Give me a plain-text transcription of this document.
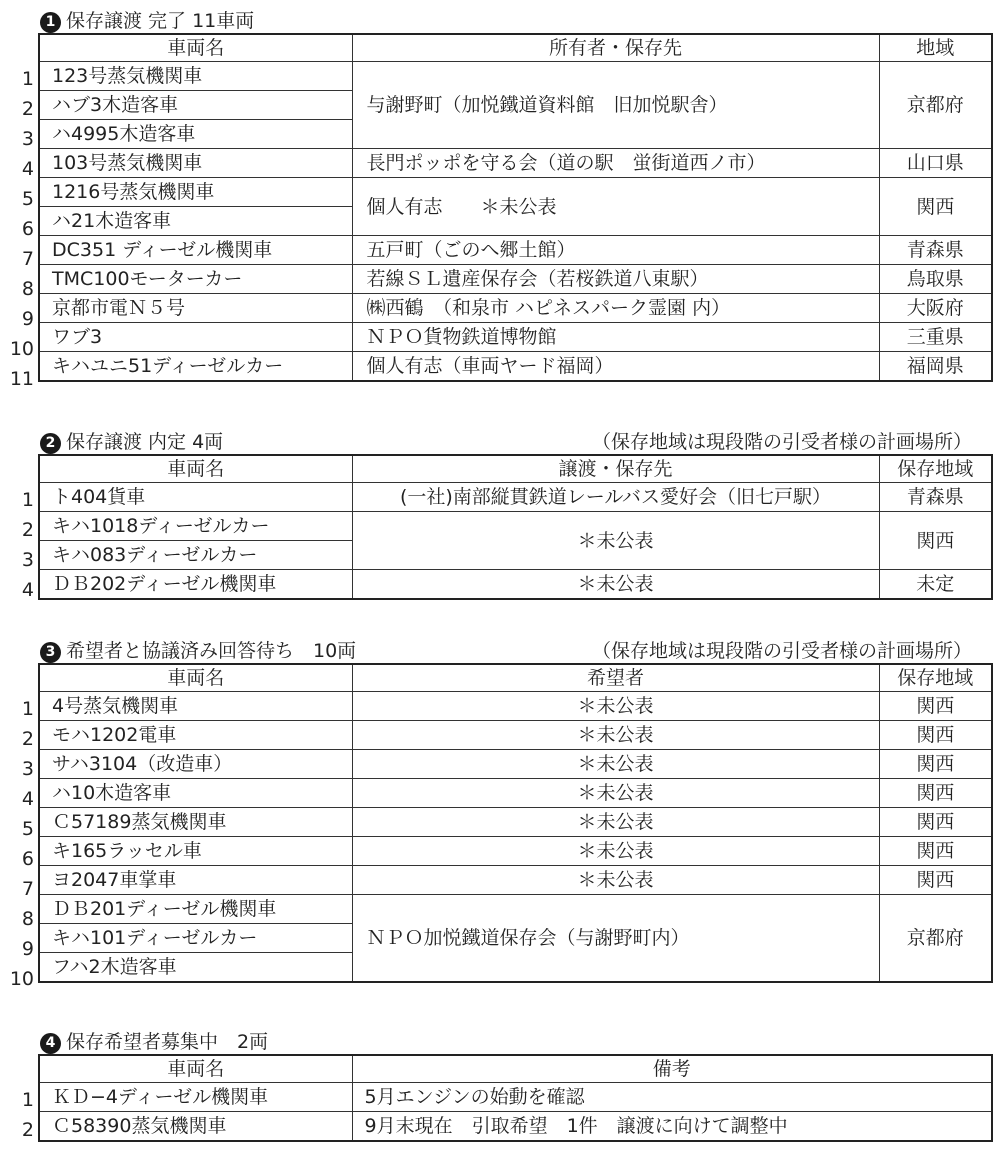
1 保存譲渡 完了 11車両
1
2
3
4
5
6
7
8
9
10
11
車両名	所有者・保存先	地域
123号蒸気機関車	与謝野町（加悦鐵道資料館　旧加悦駅舎）	京都府
ハブ3木造客車		
ハ4995木造客車		
103号蒸気機関車	長門ポッポを守る会（道の駅　蛍街道西ノ市）	山口県
1216号蒸気機関車	個人有志　　＊未公表	関西
ハ21木造客車		
DC351 ディーゼル機関車	五戸町（ごのへ郷土館）	青森県
TMC100モーターカー	若線ＳＬ遺産保存会（若桜鉄道八東駅）	鳥取県
京都市電Ｎ５号	㈱西鶴　（和泉市 ハピネスパーク霊園 内）	大阪府
ワブ3	ＮＰＯ貨物鉄道博物館	三重県
キハユニ51ディーゼルカー	個人有志（車両ヤード福岡）	福岡県
2 保存譲渡 内定 4両	（保存地域は現段階の引受者様の計画場所）
1
2
3
4
車両名	譲渡・保存先	保存地域
ト404貨車	(一社)南部縦貫鉄道レールバス愛好会（旧七戸駅）	青森県
キハ1018ディーゼルカー	＊未公表	関西
キハ083ディーゼルカー		
ＤＢ202ディーゼル機関車	＊未公表	未定
3 希望者と協議済み回答待ち　10両	（保存地域は現段階の引受者様の計画場所）
1
2
3
4
5
6
7
8
9
10
車両名	希望者	保存地域
4号蒸気機関車	＊未公表	関西
モハ1202電車	＊未公表	関西
サハ3104（改造車）	＊未公表	関西
ハ10木造客車	＊未公表	関西
Ｃ57189蒸気機関車	＊未公表	関西
キ165ラッセル車	＊未公表	関西
ヨ2047車掌車	＊未公表	関西
ＤＢ201ディーゼル機関車	ＮＰＯ加悦鐵道保存会（与謝野町内）	京都府
キハ101ディーゼルカー		
フハ2木造客車		
4 保存希望者募集中　2両
1
2
車両名	備考
ＫＤ−4ディーゼル機関車	5月エンジンの始動を確認
Ｃ58390蒸気機関車	9月末現在　引取希望　1件　譲渡に向けて調整中
